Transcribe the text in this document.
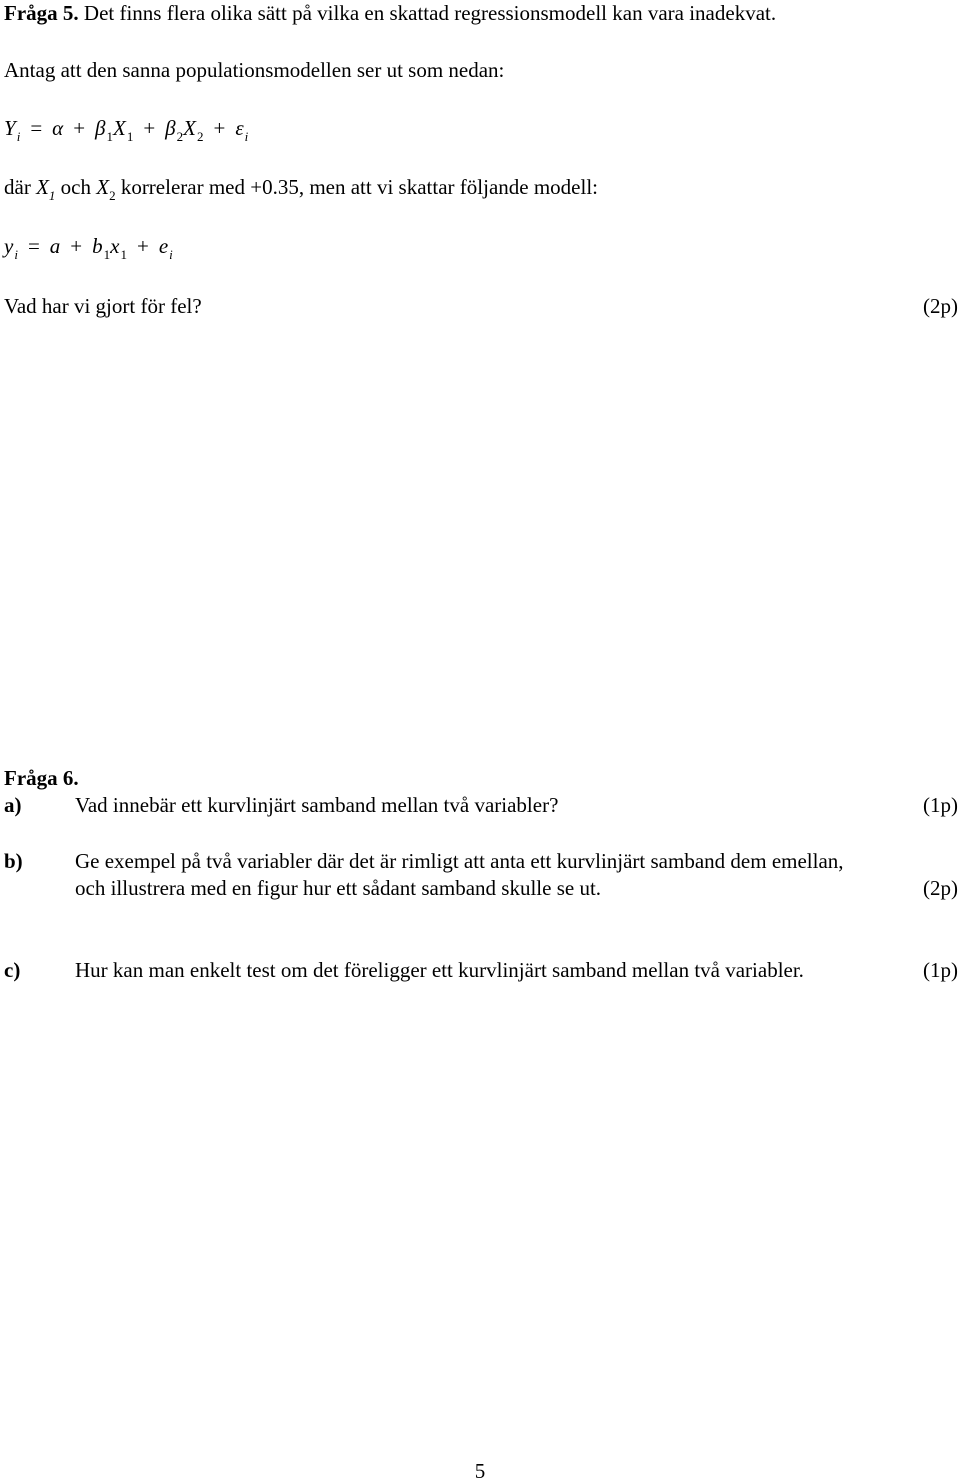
Fråga 5. Det finns flera olika sätt på vilka en skattad regressionsmodell kan vara inadekvat.
Antag att den sanna populationsmodellen ser ut som nedan:
$Y_i = \alpha + \beta_1X_1 + \beta_2X_2 + \varepsilon_i$
där $X_1$ och $X_2$ korrelerar med +0.35, men att vi skattar följande modell:
$y_i = a + b_1x_1 + e_i$
Vad har vi gjort för fel?	(2p)
Fråga 6.
a)	Vad innebär ett kurvlinjärt samband mellan två variabler?	(1p)
b) Ge exempel på två variabler där det är rimligt att anta ett kurvlinjärt samband dem emellan,
och illustrera med en figur hur ett sådant samband skulle se ut.	(2p)
c)	Hur kan man enkelt test om det föreligger ett kurvlinjärt samband mellan två variabler.	(1p)
5
